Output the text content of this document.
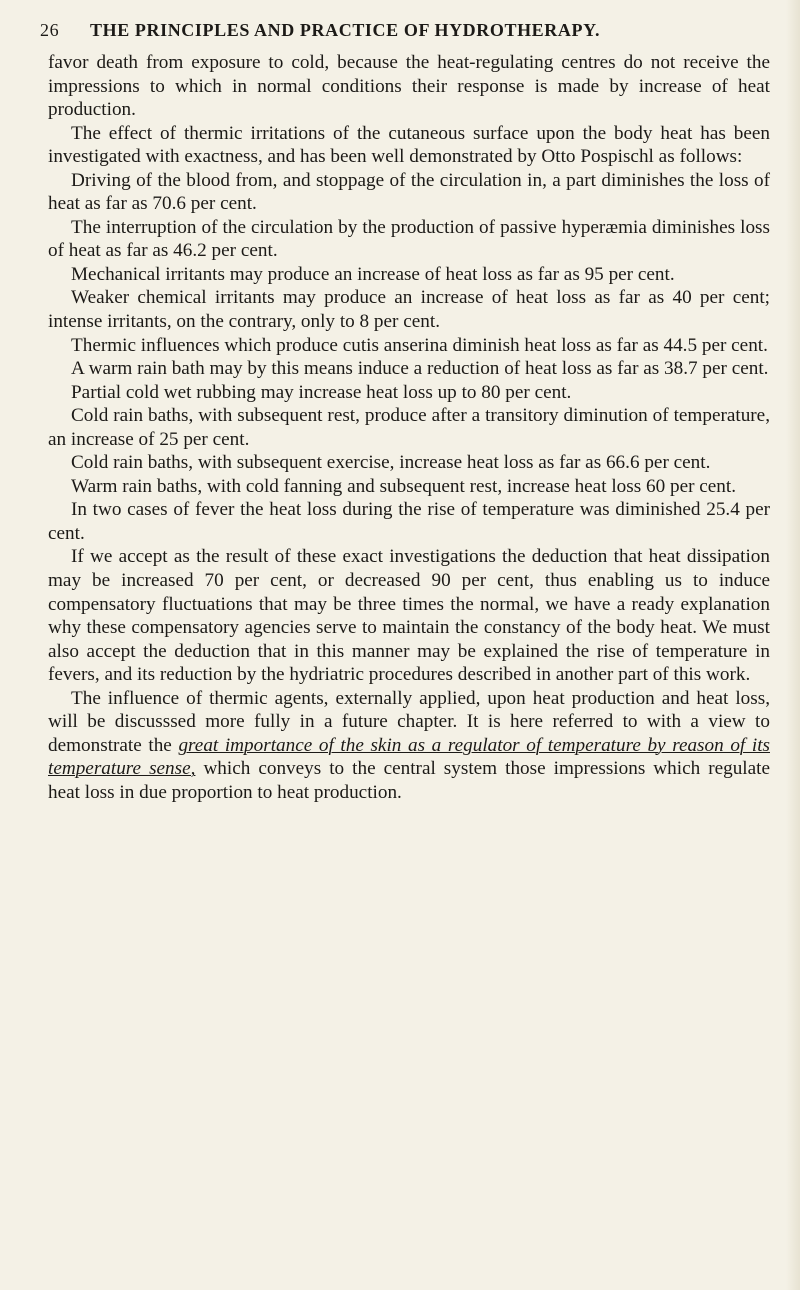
26	THE PRINCIPLES AND PRACTICE OF HYDROTHERAPY.

favor death from exposure to cold, because the heat-regulating centres do not receive the impressions to which in normal conditions their response is made by increase of heat production.

The effect of thermic irritations of the cutaneous surface upon the body heat has been investigated with exactness, and has been well demonstrated by Otto Pospischl as follows:

Driving of the blood from, and stoppage of the circulation in, a part diminishes the loss of heat as far as 70.6 per cent.

The interruption of the circulation by the production of passive hyperæmia diminishes loss of heat as far as 46.2 per cent.

Mechanical irritants may produce an increase of heat loss as far as 95 per cent.

Weaker chemical irritants may produce an increase of heat loss as far as 40 per cent; intense irritants, on the contrary, only to 8 per cent.

Thermic influences which produce cutis anserina diminish heat loss as far as 44.5 per cent.

A warm rain bath may by this means induce a reduction of heat loss as far as 38.7 per cent.

Partial cold wet rubbing may increase heat loss up to 80 per cent.

Cold rain baths, with subsequent rest, produce after a transitory diminution of temperature, an increase of 25 per cent.

Cold rain baths, with subsequent exercise, increase heat loss as far as 66.6 per cent.

Warm rain baths, with cold fanning and subsequent rest, increase heat loss 60 per cent.

In two cases of fever the heat loss during the rise of temperature was diminished 25.4 per cent.

If we accept as the result of these exact investigations the deduction that heat dissipation may be increased 70 per cent, or decreased 90 per cent, thus enabling us to induce compensatory fluctuations that may be three times the normal, we have a ready explanation why these compensatory agencies serve to maintain the constancy of the body heat. We must also accept the deduction that in this manner may be explained the rise of temperature in fevers, and its reduction by the hydriatric procedures described in another part of this work.

The influence of thermic agents, externally applied, upon heat production and heat loss, will be discusssed more fully in a future chapter. It is here referred to with a view to demonstrate the great importance of the skin as a regulator of temperature by reason of its temperature sense, which conveys to the central system those impressions which regulate heat loss in due proportion to heat production.
